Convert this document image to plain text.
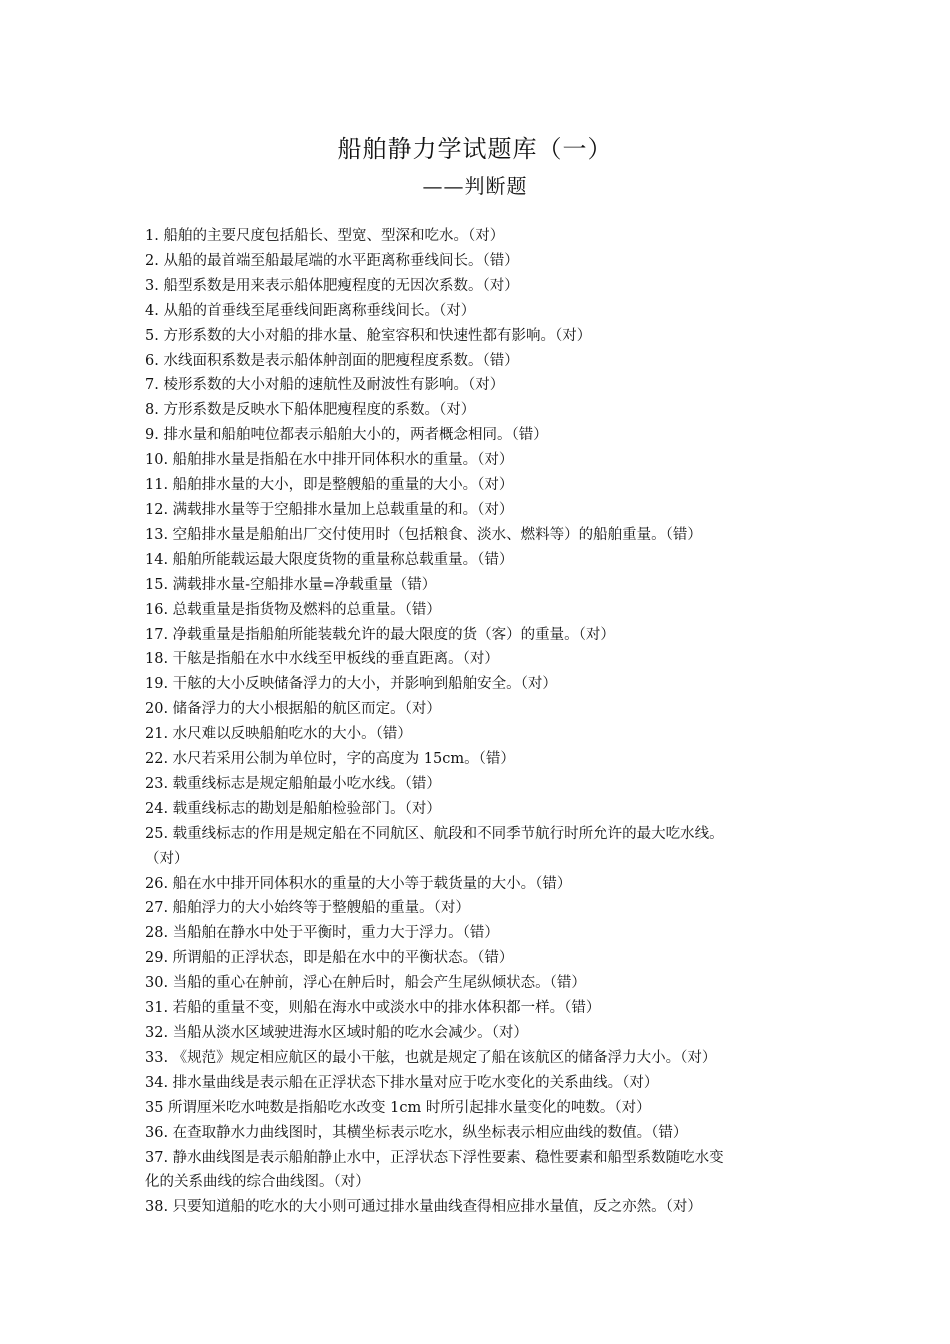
船舶静力学试题库（一）
——判断题
1. 船舶的主要尺度包括船长、型宽、型深和吃水。（对）
2. 从船的最首端至船最尾端的水平距离称垂线间长。（错）
3. 船型系数是用来表示船体肥瘦程度的无因次系数。（对）
4. 从船的首垂线至尾垂线间距离称垂线间长。（对）
5. 方形系数的大小对船的排水量、舱室容积和快速性都有影响。（对）
6. 水线面积系数是表示船体舯剖面的肥瘦程度系数。（错）
7. 棱形系数的大小对船的速航性及耐波性有影响。（对）
8. 方形系数是反映水下船体肥瘦程度的系数。（对）
9. 排水量和船舶吨位都表示船舶大小的，两者概念相同。（错）
10. 船舶排水量是指船在水中排开同体积水的重量。（对）
11. 船舶排水量的大小，即是整艘船的重量的大小。（对）
12. 满载排水量等于空船排水量加上总载重量的和。（对）
13. 空船排水量是船舶出厂交付使用时（包括粮食、淡水、燃料等）的船舶重量。（错）
14. 船舶所能载运最大限度货物的重量称总载重量。（错）
15. 满载排水量-空船排水量=净载重量（错）
16. 总载重量是指货物及燃料的总重量。（错）
17. 净载重量是指船舶所能装载允许的最大限度的货（客）的重量。（对）
18. 干舷是指船在水中水线至甲板线的垂直距离。（对）
19. 干舷的大小反映储备浮力的大小，并影响到船舶安全。（对）
20. 储备浮力的大小根据船的航区而定。（对）
21. 水尺难以反映船舶吃水的大小。（错）
22. 水尺若采用公制为单位时，字的高度为 15cm。（错）
23. 载重线标志是规定船舶最小吃水线。（错）
24. 载重线标志的勘划是船舶检验部门。（对）
25. 载重线标志的作用是规定船在不同航区、航段和不同季节航行时所允许的最大吃水线。
（对）
26. 船在水中排开同体积水的重量的大小等于载货量的大小。（错）
27. 船舶浮力的大小始终等于整艘船的重量。（对）
28. 当船舶在静水中处于平衡时，重力大于浮力。（错）
29. 所谓船的正浮状态，即是船在水中的平衡状态。（错）
30. 当船的重心在舯前，浮心在舯后时，船会产生尾纵倾状态。（错）
31. 若船的重量不变，则船在海水中或淡水中的排水体积都一样。（错）
32. 当船从淡水区域驶进海水区域时船的吃水会减少。（对）
33. 《规范》规定相应航区的最小干舷，也就是规定了船在该航区的储备浮力大小。（对）
34. 排水量曲线是表示船在正浮状态下排水量对应于吃水变化的关系曲线。（对）
35 所谓厘米吃水吨数是指船吃水改变 1cm 时所引起排水量变化的吨数。（对）
36. 在查取静水力曲线图时，其横坐标表示吃水，纵坐标表示相应曲线的数值。（错）
37. 静水曲线图是表示船舶静止水中，正浮状态下浮性要素、稳性要素和船型系数随吃水变
化的关系曲线的综合曲线图。（对）
38. 只要知道船的吃水的大小则可通过排水量曲线查得相应排水量值，反之亦然。（对）
